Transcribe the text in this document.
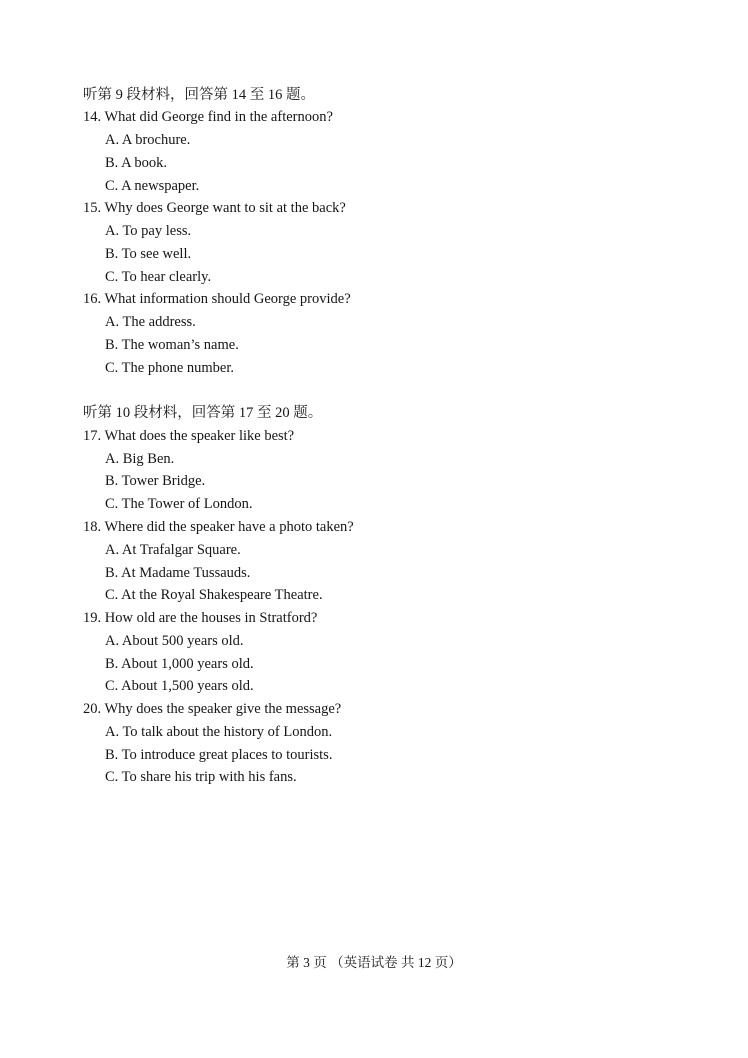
听第 9 段材料，回答第 14 至 16 题。
14. What did George find in the afternoon?
A. A brochure.
B. A book.
C. A newspaper.
15. Why does George want to sit at the back?
A. To pay less.
B. To see well.
C. To hear clearly.
16. What information should George provide?
A. The address.
B. The woman’s name.
C. The phone number.
听第 10 段材料，回答第 17 至 20 题。
17. What does the speaker like best?
A. Big Ben.
B. Tower Bridge.
C. The Tower of London.
18. Where did the speaker have a photo taken?
A. At Trafalgar Square.
B. At Madame Tussauds.
C. At the Royal Shakespeare Theatre.
19. How old are the houses in Stratford?
A. About 500 years old.
B. About 1,000 years old.
C. About 1,500 years old.
20. Why does the speaker give the message?
A. To talk about the history of London.
B. To introduce great places to tourists.
C. To share his trip with his fans.
第 3 页 （英语试卷 共 12 页）
